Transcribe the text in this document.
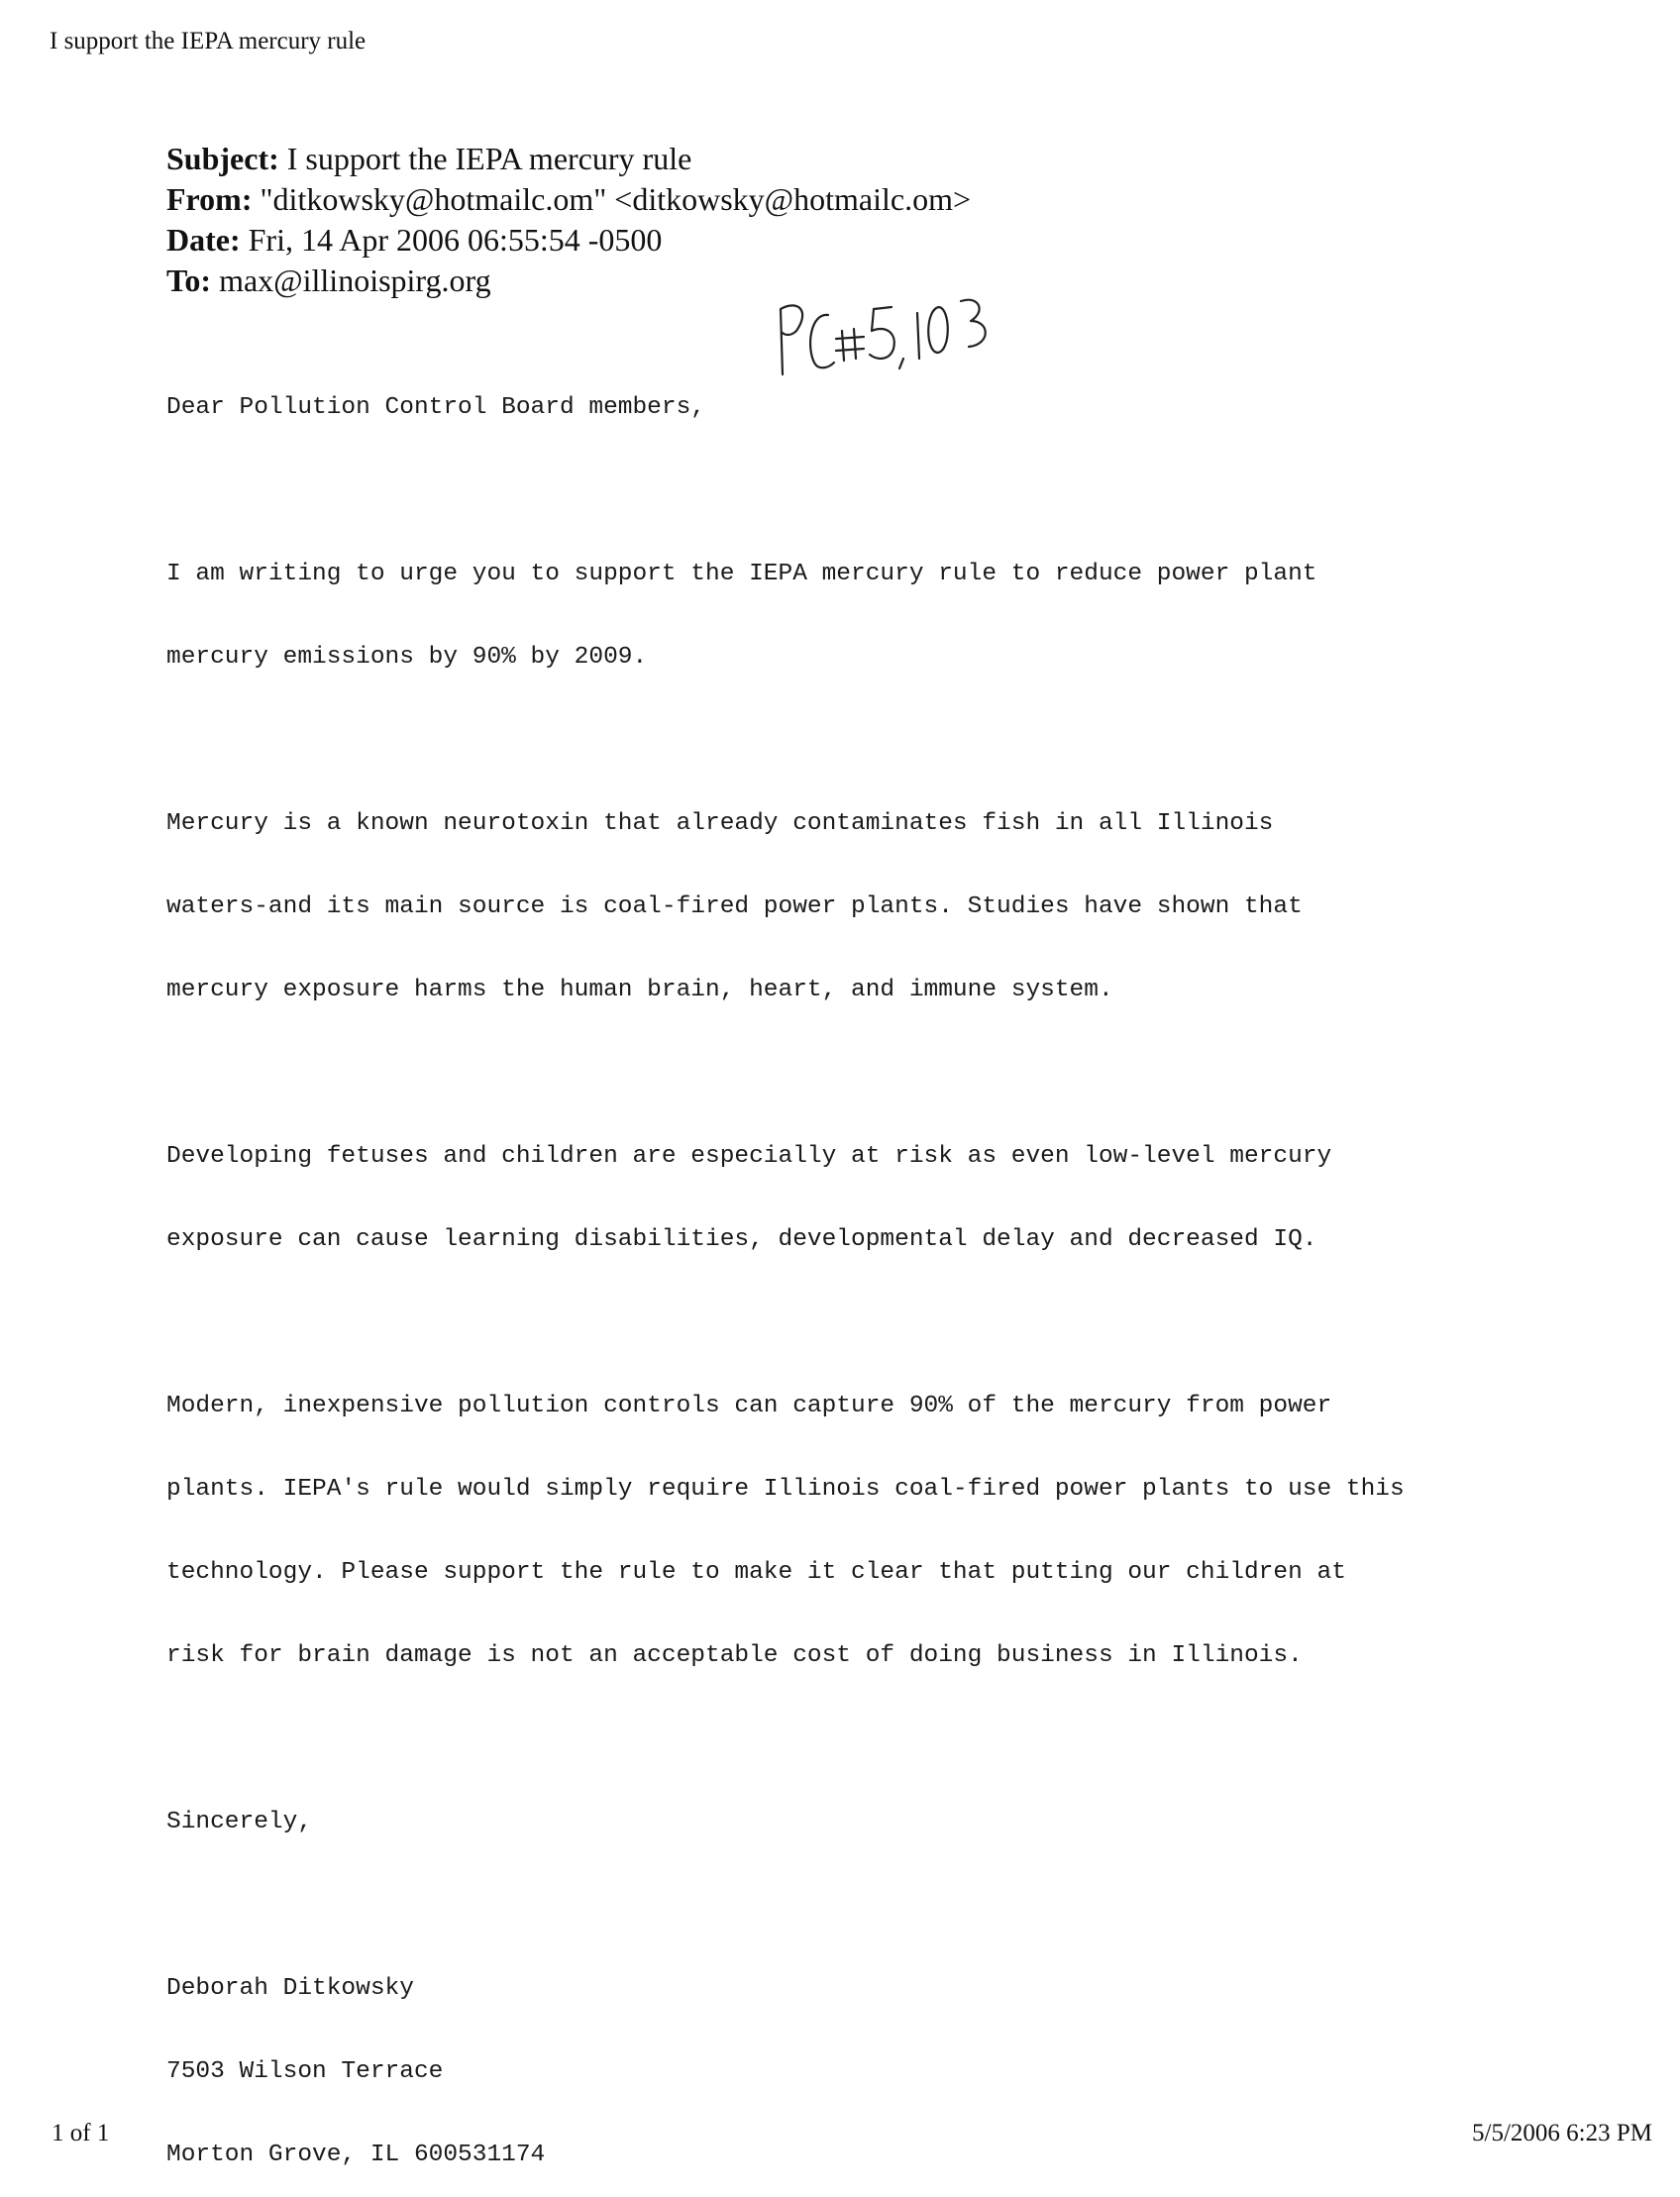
I support the IEPA mercury rule
Subject: I support the IEPA mercury rule
From: "ditkowsky@hotmailc.om" <ditkowsky@hotmailc.om>
Date: Fri, 14 Apr 2006 06:55:54 -0500
To: max@illinoispirg.org

Dear Pollution Control Board members,

I am writing to urge you to support the IEPA mercury rule to reduce power plant

mercury emissions by 90% by 2009.

Mercury is a known neurotoxin that already contaminates fish in all Illinois

waters-and its main source is coal-fired power plants. Studies have shown that

mercury exposure harms the human brain, heart, and immune system.

Developing fetuses and children are especially at risk as even low-level mercury

exposure can cause learning disabilities, developmental delay and decreased IQ.

Modern, inexpensive pollution controls can capture 90% of the mercury from power

plants. IEPA's rule would simply require Illinois coal-fired power plants to use this

technology. Please support the rule to make it clear that putting our children at

risk for brain damage is not an acceptable cost of doing business in Illinois.

Sincerely,

Deborah Ditkowsky

7503 Wilson Terrace

Morton Grove, IL 600531174

1 of 1	5/5/2006 6:23 PM
